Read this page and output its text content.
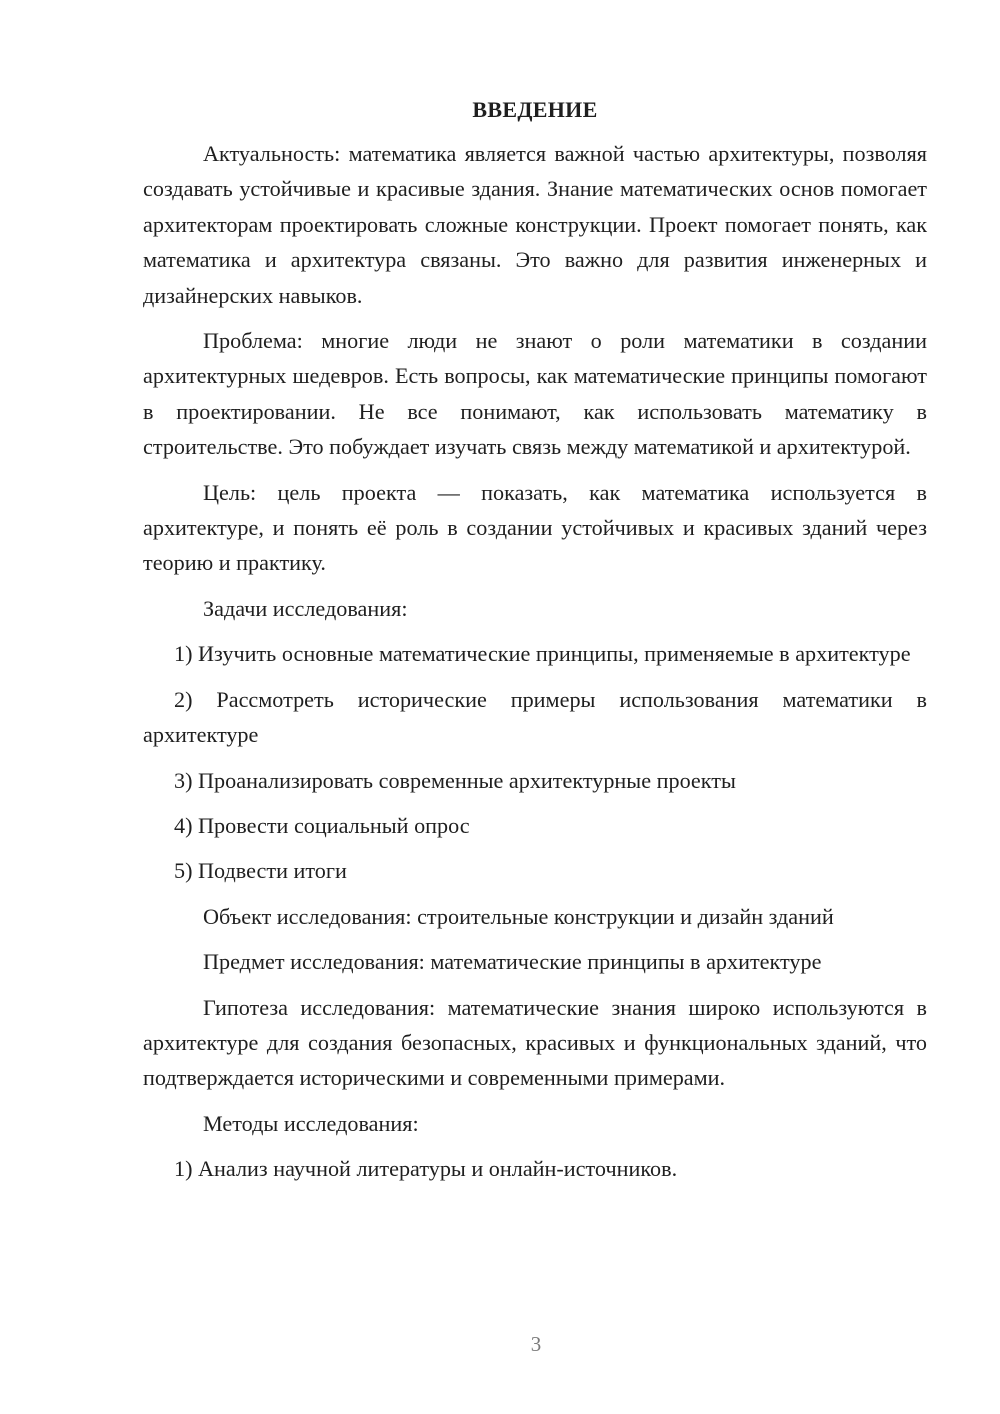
ВВЕДЕНИЕ

Актуальность: математика является важной частью архитектуры, позволяя создавать устойчивые и красивые здания. Знание математических основ помогает архитекторам проектировать сложные конструкции. Проект помогает понять, как математика и архитектура связаны. Это важно для развития инженерных и дизайнерских навыков.

Проблема: многие люди не знают о роли математики в создании архитектурных шедевров. Есть вопросы, как математические принципы помогают в проектировании. Не все понимают, как использовать математику в строительстве. Это побуждает изучать связь между математикой и архитектурой.

Цель: цель проекта — показать, как математика используется в архитектуре, и понять её роль в создании устойчивых и красивых зданий через теорию и практику.

Задачи исследования:

1) Изучить основные математические принципы, применяемые в архитектуре

2) Рассмотреть исторические примеры использования математики в архитектуре

3) Проанализировать современные архитектурные проекты

4) Провести социальный опрос

5) Подвести итоги

Объект исследования: строительные конструкции и дизайн зданий

Предмет исследования: математические принципы в архитектуре

Гипотеза исследования: математические знания широко используются в архитектуре для создания безопасных, красивых и функциональных зданий, что подтверждается историческими и современными примерами.

Методы исследования:

1) Анализ научной литературы и онлайн-источников.

3
